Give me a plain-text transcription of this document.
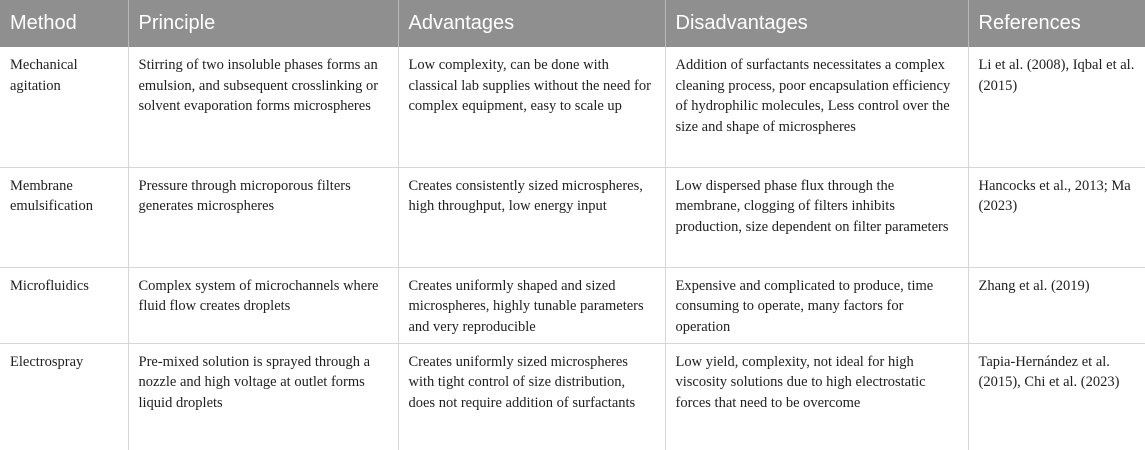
Method	Principle	Advantages	Disadvantages	References
Mechanical agitation	Stirring of two insoluble phases forms an emulsion, and subsequent crosslinking or solvent evaporation forms microspheres	Low complexity, can be done with classical lab supplies without the need for complex equipment, easy to scale up	Addition of surfactants necessitates a complex cleaning process, poor encapsulation efficiency of hydrophilic molecules, Less control over the size and shape of microspheres	Li et al. (2008), Iqbal et al. (2015)
Membrane emulsification	Pressure through microporous filters generates microspheres	Creates consistently sized microspheres, high throughput, low energy input	Low dispersed phase flux through the membrane, clogging of filters inhibits production, size dependent on filter parameters	Hancocks et al., 2013; Ma (2023)
Microfluidics	Complex system of microchannels where fluid flow creates droplets	Creates uniformly shaped and sized microspheres, highly tunable parameters and very reproducible	Expensive and complicated to produce, time consuming to operate, many factors for operation	Zhang et al. (2019)
Electrospray	Pre-mixed solution is sprayed through a nozzle and high voltage at outlet forms liquid droplets	Creates uniformly sized microspheres with tight control of size distribution, does not require addition of surfactants	Low yield, complexity, not ideal for high viscosity solutions due to high electrostatic forces that need to be overcome	Tapia-Hernández et al. (2015), Chi et al. (2023)
